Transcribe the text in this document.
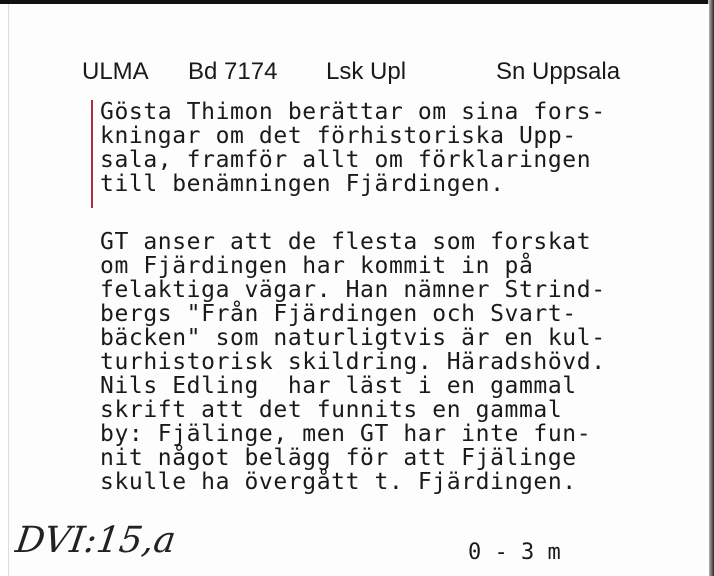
ULMA Bd 7174 Lsk Upl	Sn Uppsala
Gösta Thimon berättar om sina fors-
kningar om det förhistoriska Upp-
sala, framför allt om förklaringen
till benämningen Fjärdingen.
GT anser att de flesta som forskat
om Fjärdingen har kommit in på
felaktiga vägar. Han nämner Strind-
bergs "Från Fjärdingen och Svart-
bäcken" som naturligtvis är en kul-
turhistorisk skildring. Häradshövd.
Nils Edling  har läst i en gammal
skrift att det funnits en gammal
by: Fjälinge, men GT har inte fun-
nit något belägg för att Fjälinge
skulle ha övergått t. Fjärdingen.
DVI:15,a	0 - 3 m
